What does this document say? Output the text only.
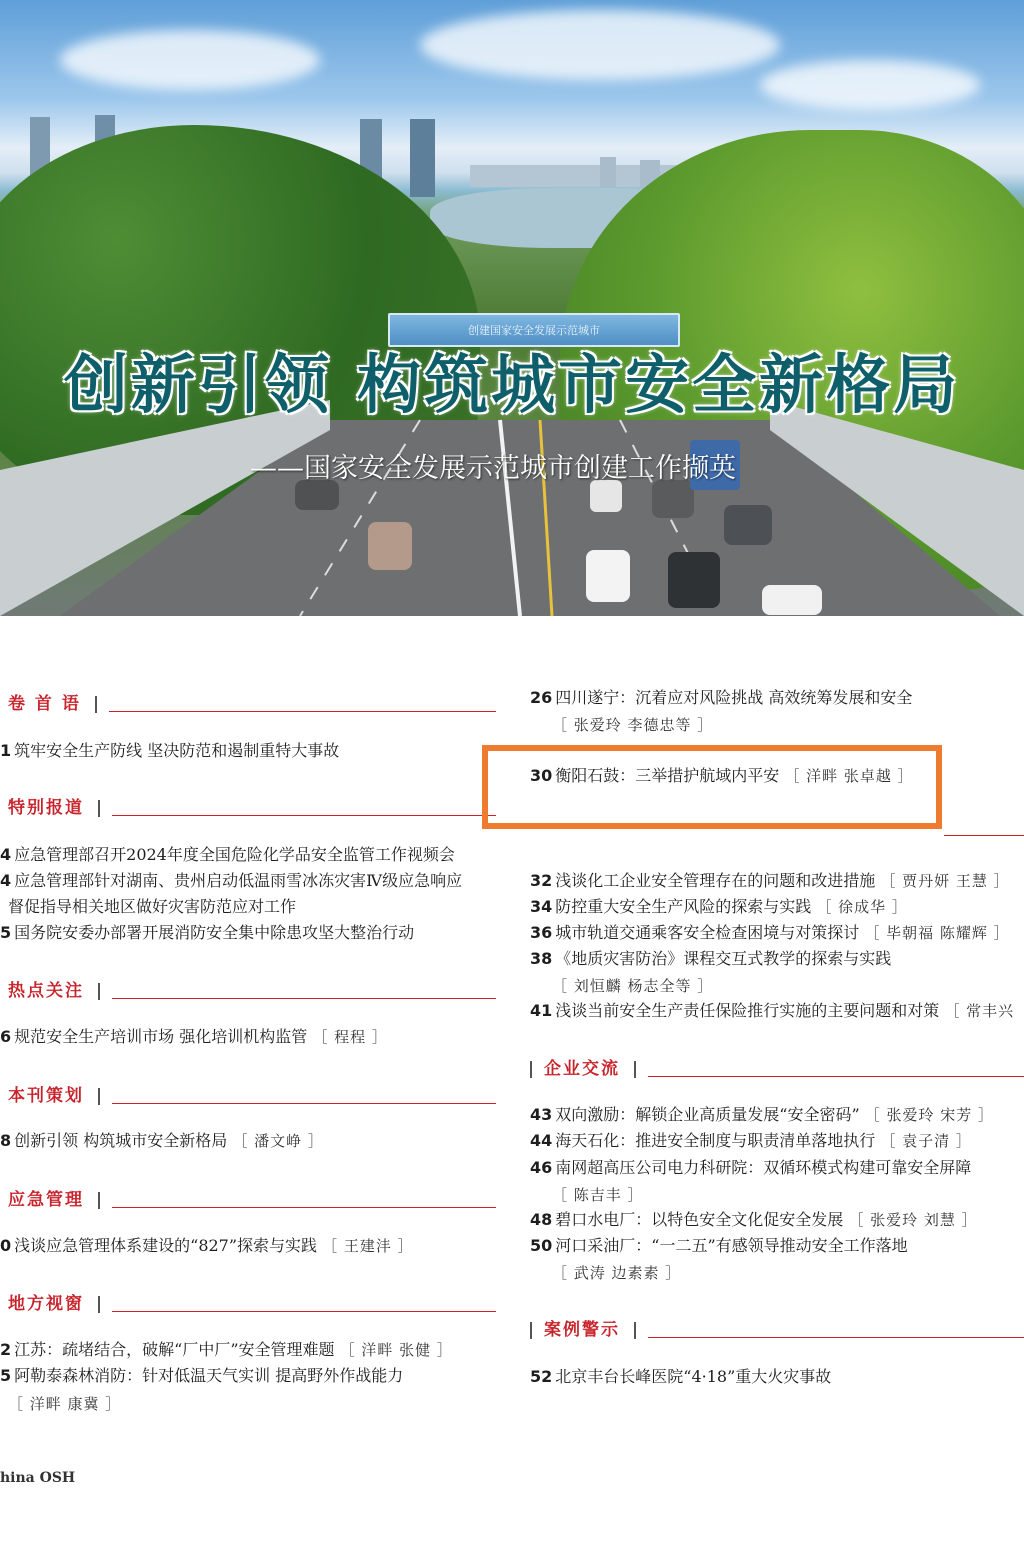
创建国家安全发展示范城市
创新引领 构筑城市安全新格局
——国家安全发展示范城市创建工作撷英
卷 首 语
1 筑牢安全生产防线 坚决防范和遏制重特大事故
特别报道
4 应急管理部召开2024年度全国危险化学品安全监管工作视频会
4 应急管理部针对湖南、贵州启动低温雨雪冰冻灾害Ⅳ级应急响应
督促指导相关地区做好灾害防范应对工作
5 国务院安委办部署开展消防安全集中除患攻坚大整治行动
热点关注
6 规范安全生产培训市场 强化培训机构监管 ［ 程程 ］
本刊策划
8 创新引领 构筑城市安全新格局 ［ 潘文峥 ］
应急管理
0 浅谈应急管理体系建设的“827”探索与实践 ［ 王建沣 ］
地方视窗
2 江苏：疏堵结合，破解“厂中厂”安全管理难题 ［ 洋畔 张健 ］
5 阿勒泰森林消防：针对低温天气实训 提高野外作战能力
［ 洋畔 康冀 ］
hina OSH
26 四川遂宁：沉着应对风险挑战 高效统筹发展和安全
［ 张爱玲 李德忠等 ］
————————————————
30 衡阳石鼓：三举措护航域内平安 ［ 洋畔 张卓越 ］
32 浅谈化工企业安全管理存在的问题和改进措施 ［ 贾丹妍 王慧 ］
34 防控重大安全生产风险的探索与实践 ［ 徐成华 ］
36 城市轨道交通乘客安全检查困境与对策探讨 ［ 毕朝福 陈耀辉 ］
38 《地质灾害防治》课程交互式教学的探索与实践
［ 刘恒麟 杨志全等 ］
41 浅谈当前安全生产责任保险推行实施的主要问题和对策 ［ 常丰兴
企业交流
43 双向激励：解锁企业高质量发展“安全密码” ［ 张爱玲 宋芳 ］
44 海天石化：推进安全制度与职责清单落地执行 ［ 袁子清 ］
46 南网超高压公司电力科研院：双循环模式构建可靠安全屏障
［ 陈吉丰 ］
48 碧口水电厂：以特色安全文化促安全发展 ［ 张爱玲 刘慧 ］
50 河口采油厂：“一二五”有感领导推动安全工作落地
［ 武涛 边素素 ］
案例警示
52 北京丰台长峰医院“4·18”重大火灾事故
